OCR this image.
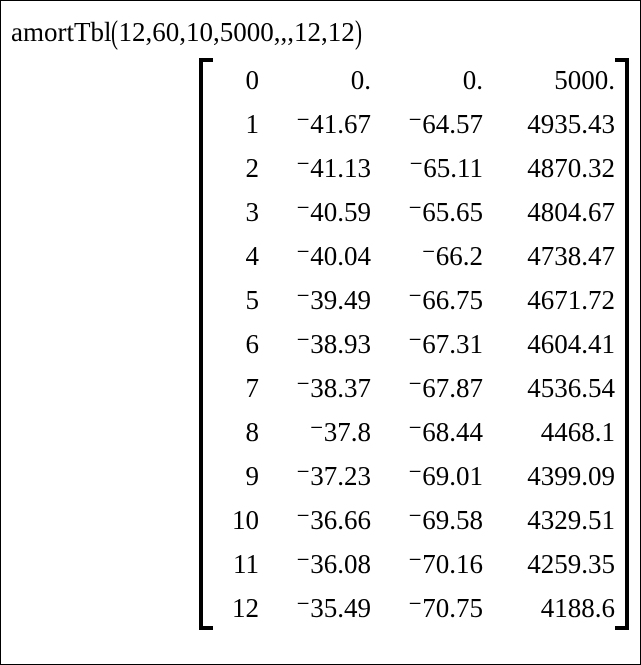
amortTbl(12,60,10,5000,,,12,12)
0	0.	0.	5000.
1	⁻41.67	⁻64.57	4935.43
2	⁻41.13	⁻65.11	4870.32
3	⁻40.59	⁻65.65	4804.67
4	⁻40.04	⁻66.2	4738.47
5	⁻39.49	⁻66.75	4671.72
6	⁻38.93	⁻67.31	4604.41
7	⁻38.37	⁻67.87	4536.54
8	⁻37.8	⁻68.44	4468.1
9	⁻37.23	⁻69.01	4399.09
10	⁻36.66	⁻69.58	4329.51
11	⁻36.08	⁻70.16	4259.35
12	⁻35.49	⁻70.75	4188.6
